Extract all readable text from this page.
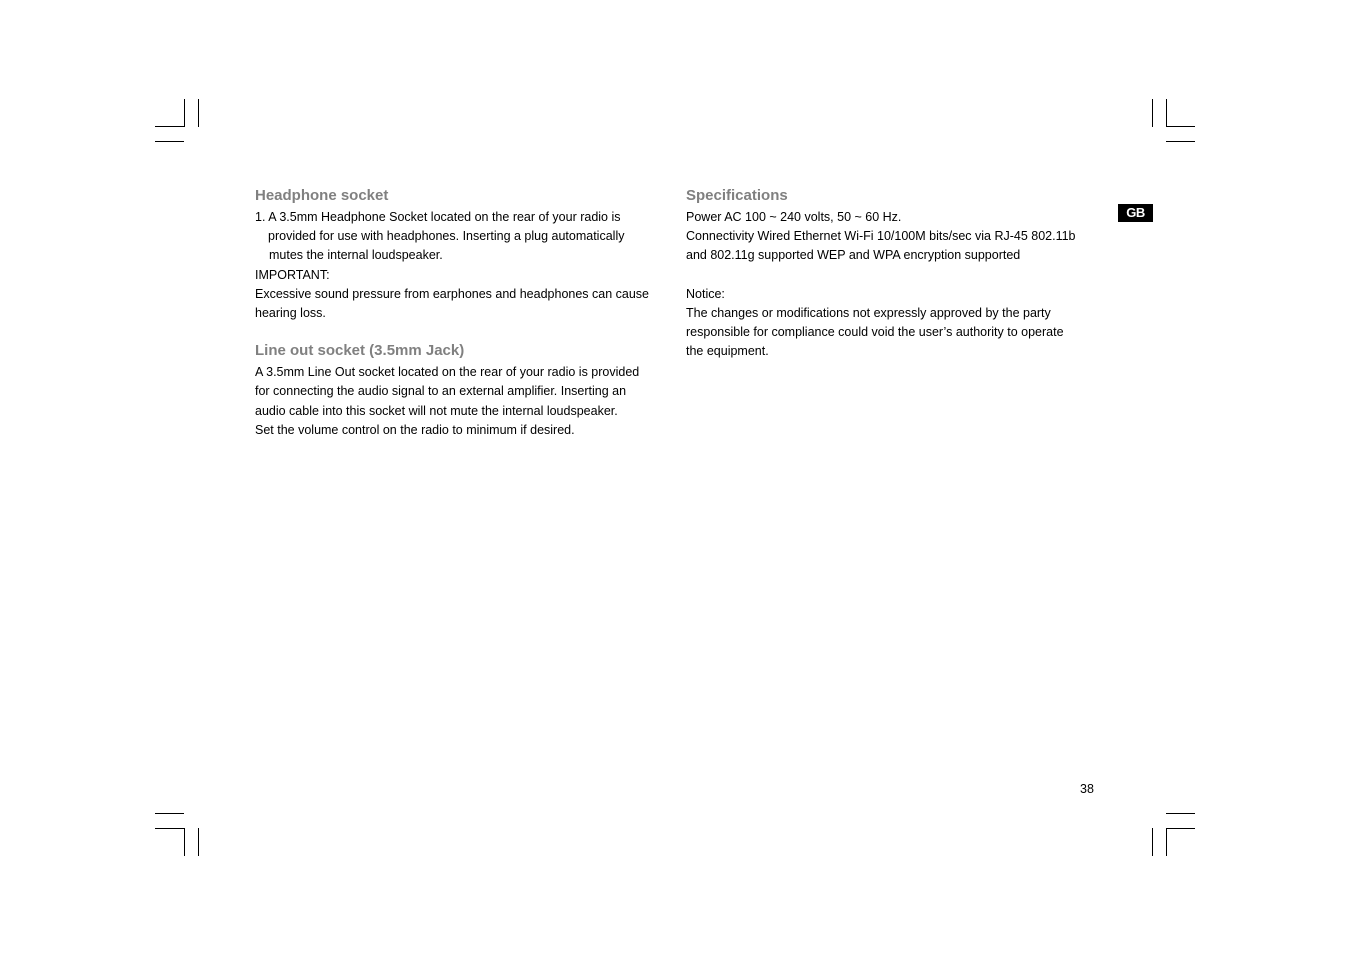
Headphone socket
1. A 3.5mm Headphone Socket located on the rear of your radio is
provided for use with headphones. Inserting a plug automatically
mutes the internal loudspeaker.
IMPORTANT:
Excessive sound pressure from earphones and headphones can cause
hearing loss.
Line out socket (3.5mm Jack)
A 3.5mm Line Out socket located on the rear of your radio is provided
for connecting the audio signal to an external amplifier. Inserting an
audio cable into this socket will not mute the internal loudspeaker.
Set the volume control on the radio to minimum if desired.
Specifications
Power AC 100 ~ 240 volts, 50 ~ 60 Hz.
Connectivity Wired Ethernet Wi-Fi 10/100M bits/sec via RJ-45 802.11b
and 802.11g supported WEP and WPA encryption supported
Notice:
The changes or modifications not expressly approved by the party
responsible for compliance could void the user’s authority to operate
the equipment.
GB
38
